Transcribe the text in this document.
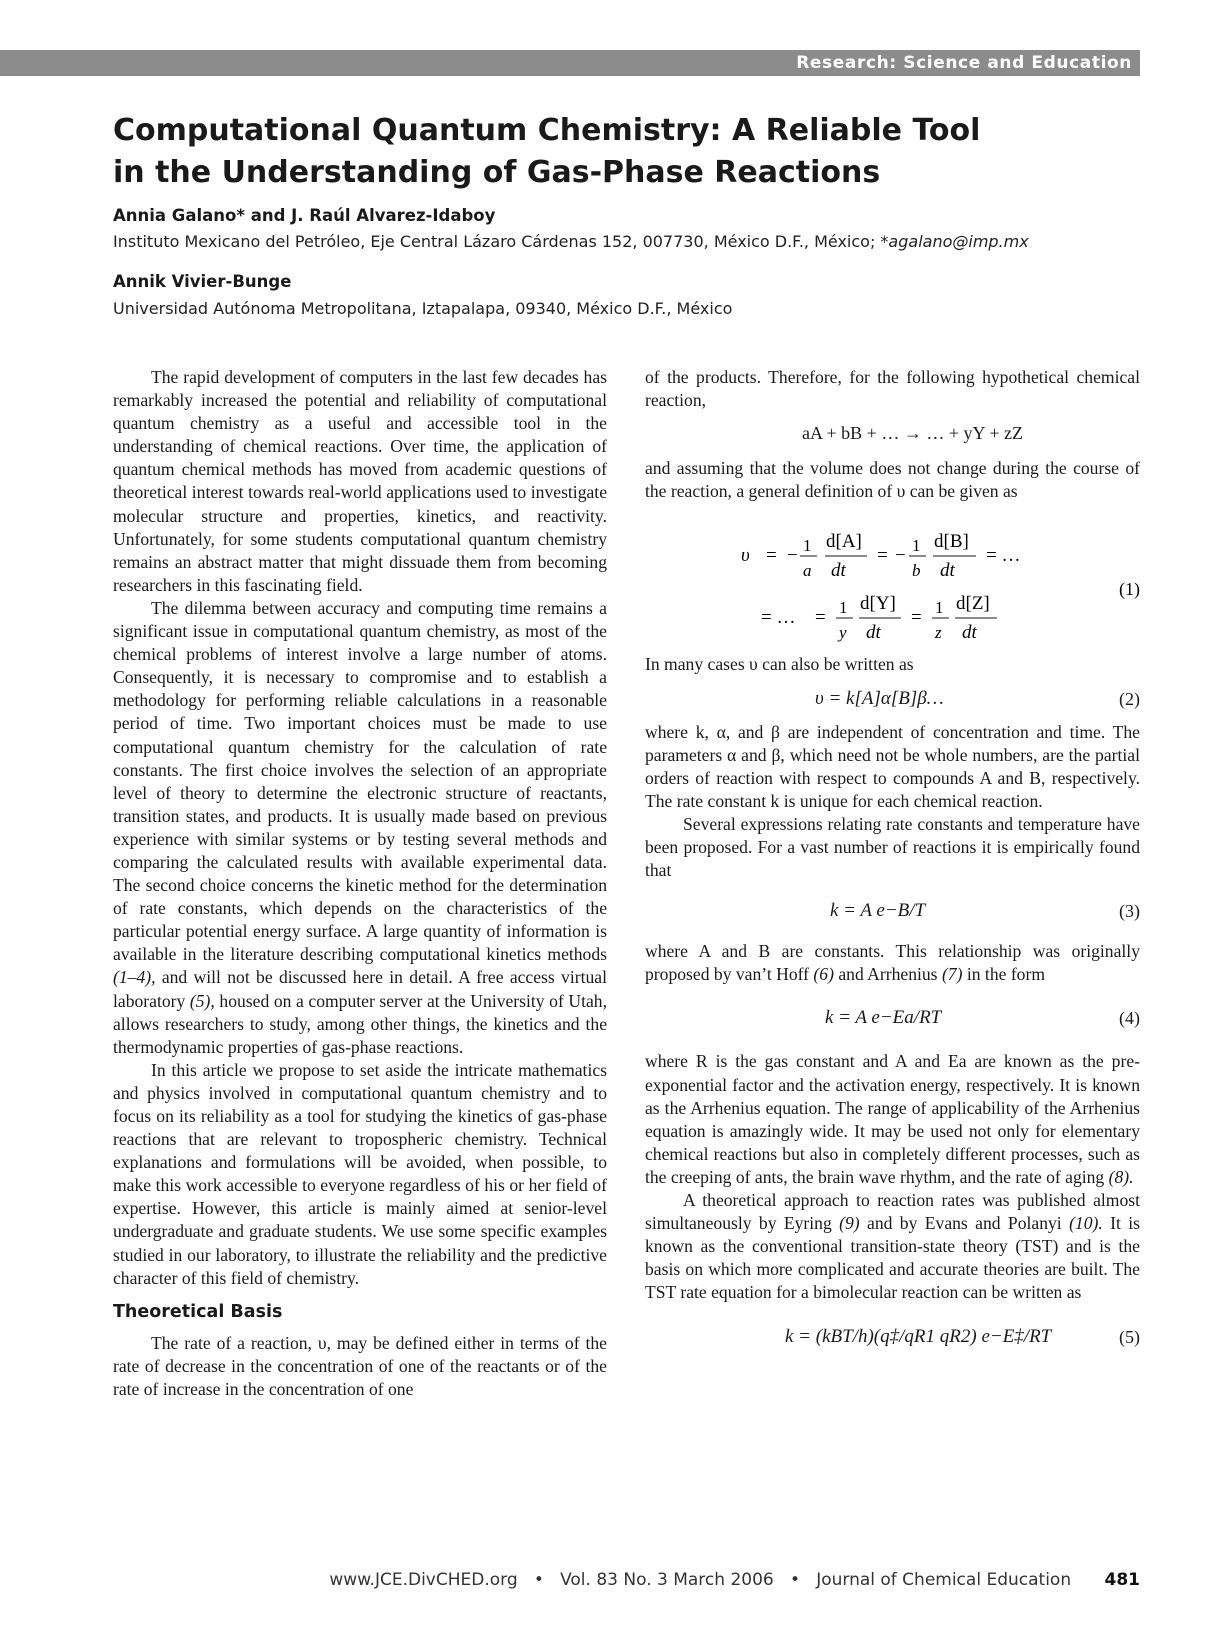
Research: Science and Education
Computational Quantum Chemistry: A Reliable Tool
in the Understanding of Gas-Phase Reactions
Annia Galano* and J. Raúl Alvarez-Idaboy
Instituto Mexicano del Petróleo, Eje Central Lázaro Cárdenas 152, 007730, México D.F., México; *agalano@imp.mx
Annik Vivier-Bunge
Universidad Autónoma Metropolitana, Iztapalapa, 09340, México D.F., México

The rapid development of computers in the last few decades has remarkably increased the potential and reliability of computational quantum chemistry as a useful and accessible tool in the understanding of chemical reactions. Over time, the application of quantum chemical methods has moved from academic questions of theoretical interest towards real-world applications used to investigate molecular structure and properties, kinetics, and reactivity. Unfortunately, for some students computational quantum chemistry remains an abstract matter that might dissuade them from becoming researchers in this fascinating field.

The dilemma between accuracy and computing time remains a significant issue in computational quantum chemistry, as most of the chemical problems of interest involve a large number of atoms. Consequently, it is necessary to compromise and to establish a methodology for performing reliable calculations in a reasonable period of time. Two important choices must be made to use computational quantum chemistry for the calculation of rate constants. The first choice involves the selection of an appropriate level of theory to determine the electronic structure of reactants, transition states, and products. It is usually made based on previous experience with similar systems or by testing several methods and comparing the calculated results with available experimental data. The second choice concerns the kinetic method for the determination of rate constants, which depends on the characteristics of the particular potential energy surface. A large quantity of information is available in the literature describing computational kinetics methods (1–4), and will not be discussed here in detail. A free access virtual laboratory (5), housed on a computer server at the University of Utah, allows researchers to study, among other things, the kinetics and the thermodynamic properties of gas-phase reactions.

In this article we propose to set aside the intricate mathematics and physics involved in computational quantum chemistry and to focus on its reliability as a tool for studying the kinetics of gas-phase reactions that are relevant to tropospheric chemistry. Technical explanations and formulations will be avoided, when possible, to make this work accessible to everyone regardless of his or her field of expertise. However, this article is mainly aimed at senior-level undergraduate and graduate students. We use some specific examples studied in our laboratory, to illustrate the reliability and the predictive character of this field of chemistry.

Theoretical Basis

The rate of a reaction, υ, may be defined either in terms of the rate of decrease in the concentration of one of the reactants or of the rate of increase in the concentration of one

of the products. Therefore, for the following hypothetical chemical reaction,

aA + bB + … → … + yY + zZ

and assuming that the volume does not change during the course of the reaction, a general definition of υ can be given as

υ = − 1
a
d[A]
dt
= − 1
b
d[B]
dt
= …
= … = 1
y
d[Y]
dt
= 1
z
d[Z]
dt
(1)

In many cases υ can also be written as

υ = k[A]α[B]β…	(2)

where k, α, and β are independent of concentration and time. The parameters α and β, which need not be whole numbers, are the partial orders of reaction with respect to compounds A and B, respectively. The rate constant k is unique for each chemical reaction.

Several expressions relating rate constants and temperature have been proposed. For a vast number of reactions it is empirically found that

k = A e−B/T	(3)

where A and B are constants. This relationship was originally proposed by van’t Hoff (6) and Arrhenius (7) in the form

k = A e−Ea/RT	(4)

where R is the gas constant and A and Ea are known as the pre-exponential factor and the activation energy, respectively. It is known as the Arrhenius equation. The range of applicability of the Arrhenius equation is amazingly wide. It may be used not only for elementary chemical reactions but also in completely different processes, such as the creeping of ants, the brain wave rhythm, and the rate of aging (8).

A theoretical approach to reaction rates was published almost simultaneously by Eyring (9) and by Evans and Polanyi (10). It is known as the conventional transition-state theory (TST) and is the basis on which more complicated and accurate theories are built. The TST rate equation for a bimolecular reaction can be written as

k = (kBT/h)(q‡/qR1 qR2) e−E‡/RT	(5)
www.JCE.DivCHED.org • Vol. 83 No. 3 March 2006 • Journal of Chemical Education 481
